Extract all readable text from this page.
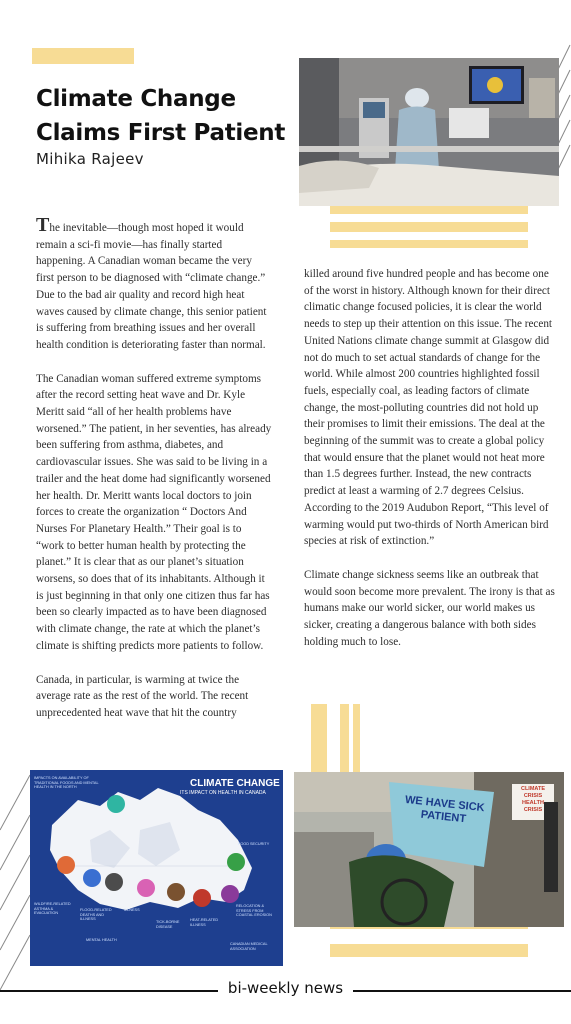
Climate Change Claims First Patient
Mihika Rajeev

The inevitable—though most hoped it would remain a sci-fi movie—has finally started happening. A Canadian woman became the very first person to be diagnosed with “climate change.” Due to the bad air quality and record high heat waves caused by climate change, this senior patient is suffering from breathing issues and her overall health condition is deteriorating faster than normal.

The Canadian woman suffered extreme symptoms after the record setting heat wave and Dr. Kyle Meritt said “all of her health problems have worsened.” The patient, in her seventies, has already been suffering from asthma, diabetes, and cardiovascular issues. She was said to be living in a trailer and the heat dome had significantly worsened her health. Dr. Meritt wants local doctors to join forces to create the organization “ Doctors And Nurses For Planetary Health.” Their goal is to “work to better human health by protecting the planet.” It is clear that as our planet’s situation worsens, so does that of its inhabitants. Although it is just beginning in that only one citizen thus far has been so clearly impacted as to have been diagnosed with climate change, the rate at which the planet’s climate is shifting predicts more patients to follow.

Canada, in particular, is warming at twice the average rate as the rest of the world. The recent unprecedented heat wave that hit the country

killed around five hundred people and has become one of the worst in history. Although known for their direct climatic change focused policies, it is clear the world needs to step up their attention on this issue. The recent United Nations climate change summit at Glasgow did not do much to set actual standards of change for the world. While almost 200 countries highlighted fossil fuels, especially coal, as leading factors of climate change, the most-polluting countries did not hold up their promises to limit their emissions. The deal at the beginning of the summit was to create a global policy that would ensure that the planet would not heat more than 1.5 degrees further. Instead, the new contracts predict at least a warming of 2.7 degrees Celsius. According to the 2019 Audubon Report, “This level of warming would put two-thirds of North American bird species at risk of extinction.”

Climate change sickness seems like an outbreak that would soon become more prevalent. The irony is that as humans make our world sicker, our world makes us sicker, creating a dangerous balance with both sides holding much to lose.

CLIMATE CHANGE
ITS IMPACT ON HEALTH IN CANADA
IMPACTS ON AVAILABILITY OF TRADITIONAL FOODS AND MENTAL HEALTH IN THE NORTH
WILDFIRE-RELATED ASTHMA & EVACUATION
FLOOD-RELATED DEATHS AND ILLNESS
ILLNESS
TICK-BORNE DISEASE
HEAT-RELATED ILLNESS
RELOCATION & STRESS FROM COASTAL EROSION
FOOD SECURITY
MENTAL HEALTH
CANADIAN MEDICAL ASSOCIATION
WE HAVE SICK PATIENT
CLIMATE CRISIS HEALTH CRISIS
bi-weekly news
